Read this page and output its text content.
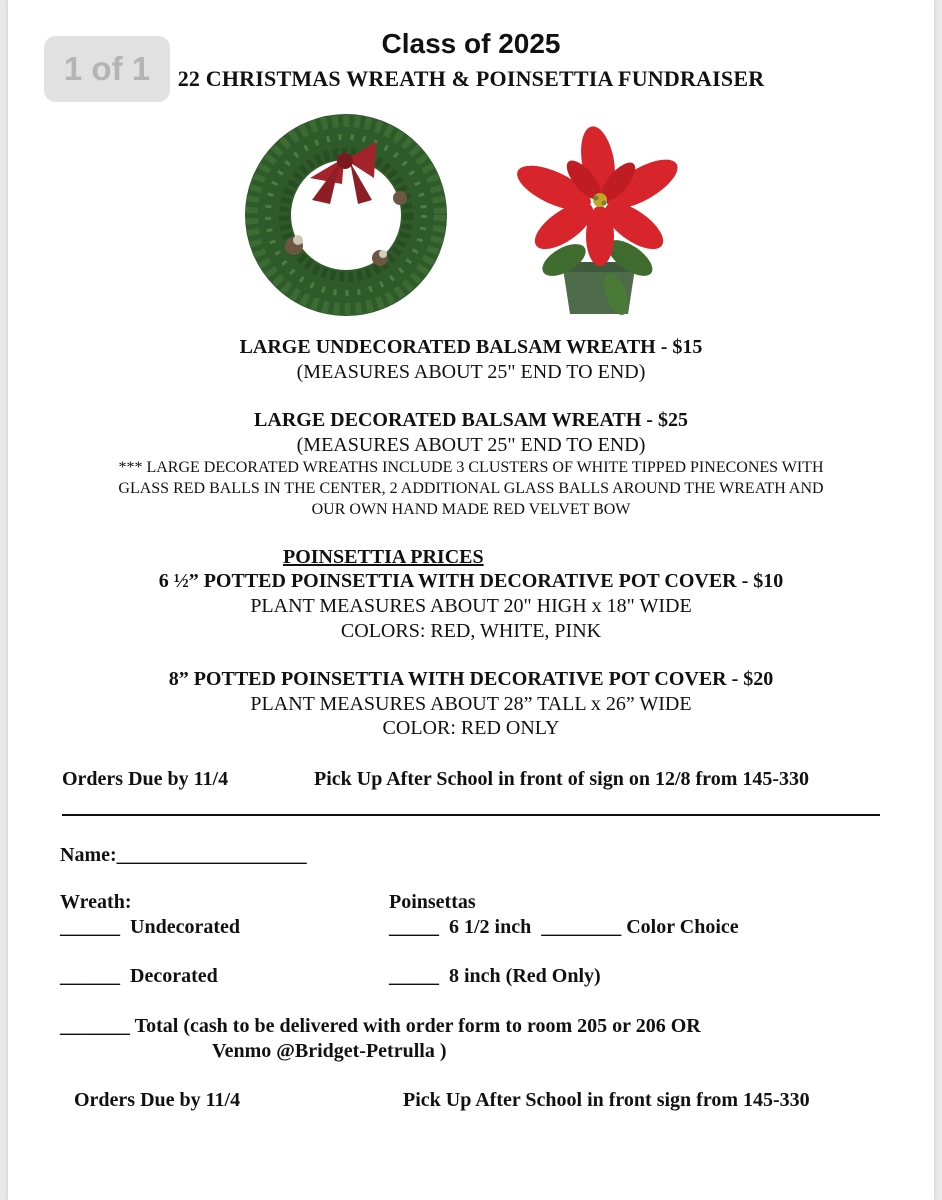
1 of 1
Class of 2025
22 CHRISTMAS WREATH & POINSETTIA FUNDRAISER
LARGE UNDECORATED BALSAM WREATH - $15
(MEASURES ABOUT 25" END TO END)
LARGE DECORATED BALSAM WREATH - $25
(MEASURES ABOUT 25" END TO END)
*** LARGE DECORATED WREATHS INCLUDE 3 CLUSTERS OF WHITE TIPPED PINECONES WITH
GLASS RED BALLS IN THE CENTER, 2 ADDITIONAL GLASS BALLS AROUND THE WREATH AND
OUR OWN HAND MADE RED VELVET BOW
POINSETTIA PRICES
6 ½” POTTED POINSETTIA WITH DECORATIVE POT COVER - $10
PLANT MEASURES ABOUT 20" HIGH x 18" WIDE
COLORS: RED, WHITE, PINK
8” POTTED POINSETTIA WITH DECORATIVE POT COVER - $20
PLANT MEASURES ABOUT 28” TALL x 26” WIDE
COLOR: RED ONLY
Orders Due by 11/4	Pick Up After School in front of sign on 12/8 from 145-330
Name:___________________
Wreath:	Poinsettas
______  Undecorated	_____  6 1/2 inch  ________ Color Choice
______  Decorated	_____  8 inch (Red Only)
_______ Total (cash to be delivered with order form to room 205 or 206 OR
Venmo @Bridget-Petrulla )
Orders Due by 11/4	Pick Up After School in front sign from 145-330
